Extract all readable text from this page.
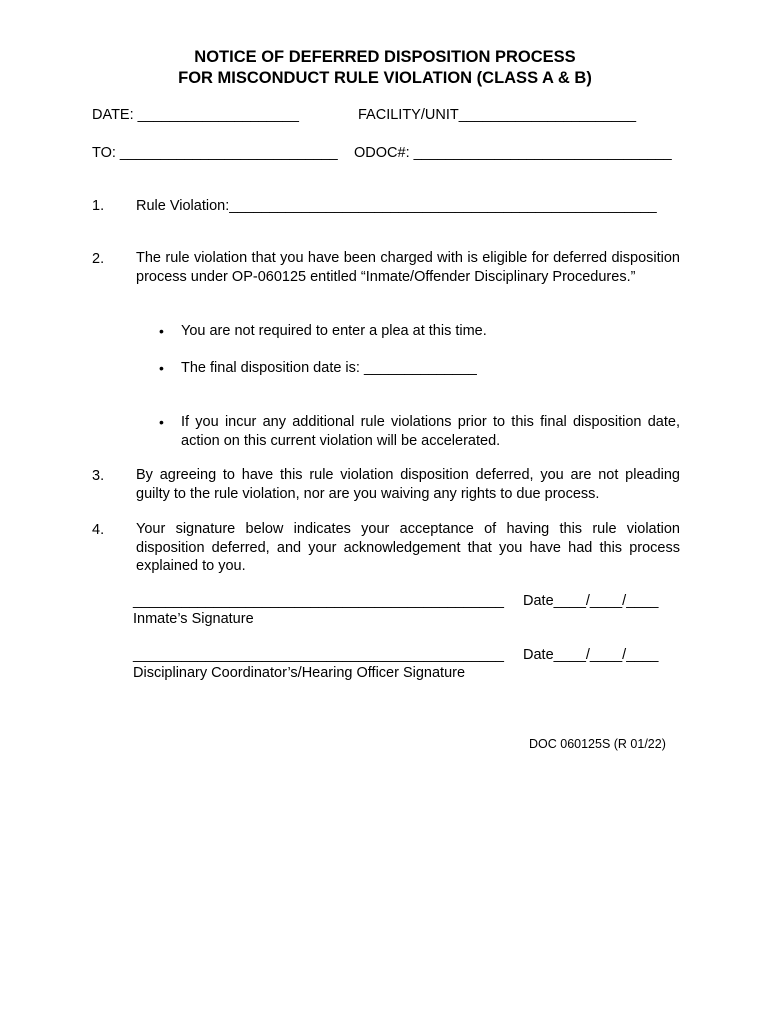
NOTICE OF DEFERRED DISPOSITION PROCESS
FOR MISCONDUCT RULE VIOLATION (CLASS A & B)
DATE: ____________________	FACILITY/UNIT______________________
TO: ___________________________ ODOC#: ________________________________
1. Rule Violation:_____________________________________________________
2. The rule violation that you have been charged with is eligible for deferred disposition process under OP-060125 entitled “Inmate/Offender Disciplinary Procedures.”
• You are not required to enter a plea at this time.
• The final disposition date is: ______________
• If you incur any additional rule violations prior to this final disposition date, action on this current violation will be accelerated.
3. By agreeing to have this rule violation disposition deferred, you are not pleading guilty to the rule violation, nor are you waiving any rights to due process.
4. Your signature below indicates your acceptance of having this rule violation disposition deferred, and your acknowledgement that you have had this process explained to you.
______________________________________________ Date____/____/____
Inmate’s Signature
______________________________________________ Date____/____/____
Disciplinary Coordinator’s/Hearing Officer Signature
DOC 060125S (R 01/22)
